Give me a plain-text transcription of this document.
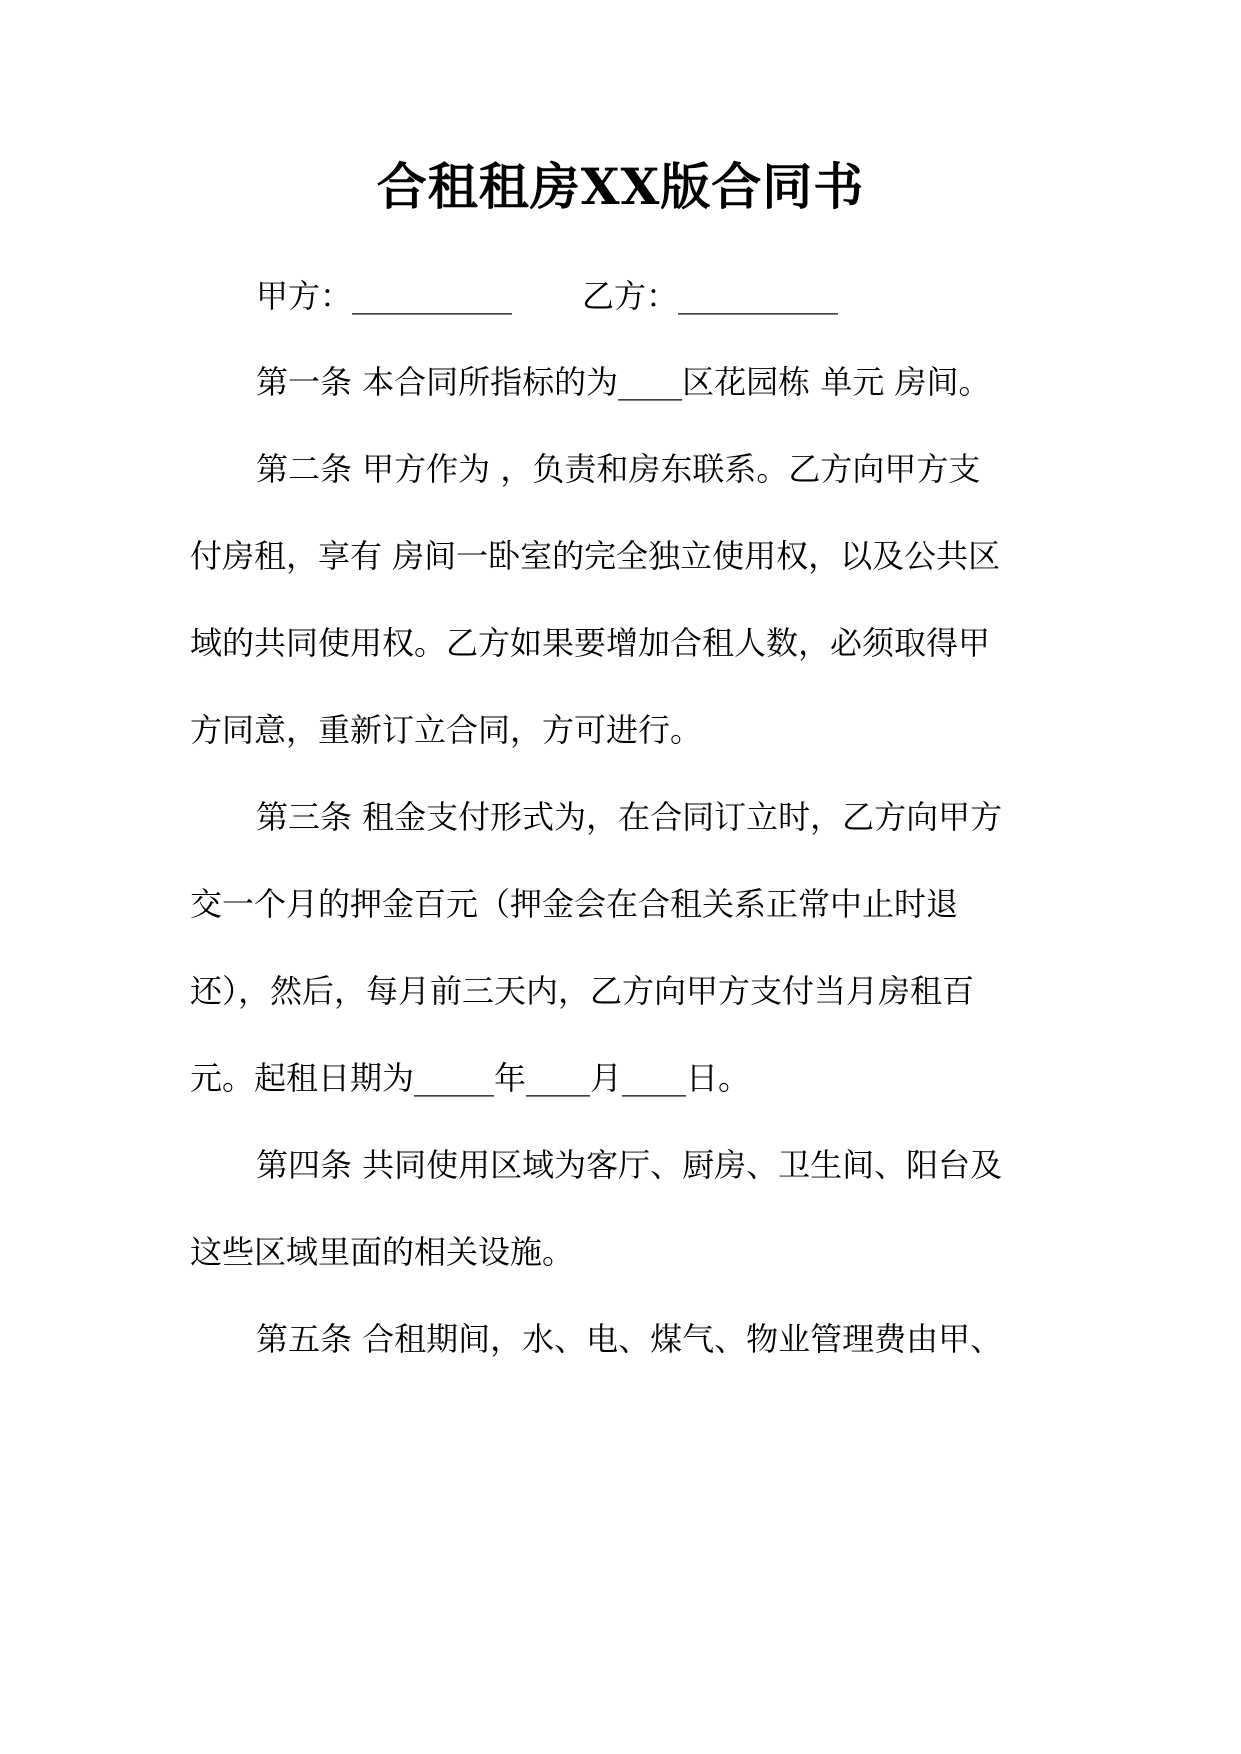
合租租房XX版合同书
甲方：__________ 乙方：__________
第一条 本合同所指标的为____区花园栋 单元 房间。
第二条 甲方作为 ，负责和房东联系。乙方向甲方支
付房租，享有 房间一卧室的完全独立使用权，以及公共区
域的共同使用权。乙方如果要增加合租人数，必须取得甲
方同意，重新订立合同，方可进行。
第三条 租金支付形式为，在合同订立时，乙方向甲方
交一个月的押金百元（押金会在合租关系正常中止时退
还），然后，每月前三天内，乙方向甲方支付当月房租百
元。起租日期为_____年____月____日。
第四条 共同使用区域为客厅、厨房、卫生间、阳台及
这些区域里面的相关设施。
第五条 合租期间，水、电、煤气、物业管理费由甲、
